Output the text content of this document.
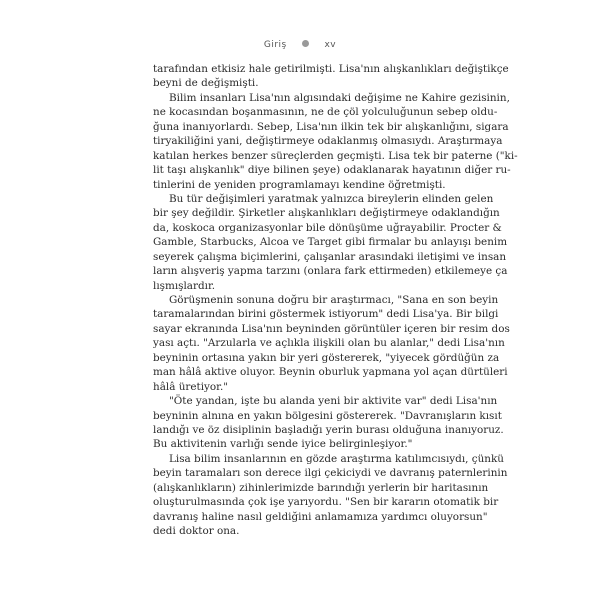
Giriş	xv
tarafından etkisiz hale getirilmişti. Lisa'nın alışkanlıkları değiştikçe
beyni de değişmişti.
Bilim insanları Lisa'nın algısındaki değişime ne Kahire gezisinin,
ne kocasından boşanmasının, ne de çöl yolculuğunun sebep oldu-
ğuna inanıyorlardı. Sebep, Lisa'nın ilkin tek bir alışkanlığını, sigara
tiryakiliğini yani, değiştirmeye odaklanmış olmasıydı. Araştırmaya
katılan herkes benzer süreçlerden geçmişti. Lisa tek bir paterne ("ki-
lit taşı alışkanlık" diye bilinen şeye) odaklanarak hayatının diğer ru-
tinlerini de yeniden programlamayı kendine öğretmişti.
Bu tür değişimleri yaratmak yalnızca bireylerin elinden gelen
bir şey değildir. Şirketler alışkanlıkları değiştirmeye odaklandığın
da, koskoca organizasyonlar bile dönüşüme uğrayabilir. Procter &
Gamble, Starbucks, Alcoa ve Target gibi firmalar bu anlayışı benim
seyerek çalışma biçimlerini, çalışanlar arasındaki iletişimi ve insan
ların alışveriş yapma tarzını (onlara fark ettirmeden) etkilemeye ça
lışmışlardır.
Görüşmenin sonuna doğru bir araştırmacı, "Sana en son beyin
taramalarından birini göstermek istiyorum" dedi Lisa'ya. Bir bilgi
sayar ekranında Lisa'nın beyninden görüntüler içeren bir resim dos
yası açtı. "Arzularla ve açlıkla ilişkili olan bu alanlar," dedi Lisa'nın
beyninin ortasına yakın bir yeri göstererek, "yiyecek gördüğün za
man hâlâ aktive oluyor. Beynin oburluk yapmana yol açan dürtüleri
hâlâ üretiyor."
"Öte yandan, işte bu alanda yeni bir aktivite var" dedi Lisa'nın
beyninin alnına en yakın bölgesini göstererek. "Davranışların kısıt
landığı ve öz disiplinin başladığı yerin burası olduğuna inanıyoruz.
Bu aktivitenin varlığı sende iyice belirginleşiyor."
Lisa bilim insanlarının en gözde araştırma katılımcısıydı, çünkü
beyin taramaları son derece ilgi çekiciydi ve davranış paternlerinin
(alışkanlıkların) zihinlerimizde barındığı yerlerin bir haritasının
oluşturulmasında çok işe yarıyordu. "Sen bir kararın otomatik bir
davranış haline nasıl geldiğini anlamamıza yardımcı oluyorsun"
dedi doktor ona.
